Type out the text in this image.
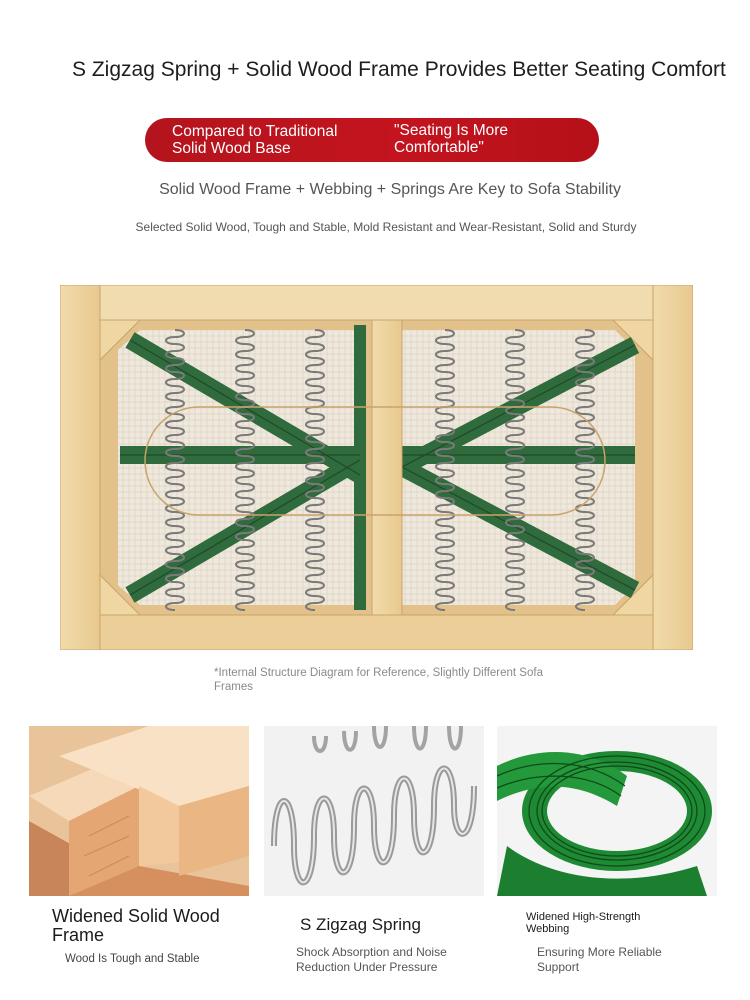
S Zigzag Spring + Solid Wood Frame Provides Better Seating Comfort
Compared to Traditional Solid Wood Base
"Seating Is More Comfortable"
Solid Wood Frame + Webbing + Springs Are Key to Sofa Stability
Selected Solid Wood, Tough and Stable, Mold Resistant and Wear-Resistant, Solid and Sturdy
*Internal Structure Diagram for Reference, Slightly Different Sofa Frames
Widened Solid Wood Frame
Wood Is Tough and Stable
S Zigzag Spring
Shock Absorption and Noise Reduction Under Pressure
Widened High-Strength Webbing
Ensuring More Reliable Support
